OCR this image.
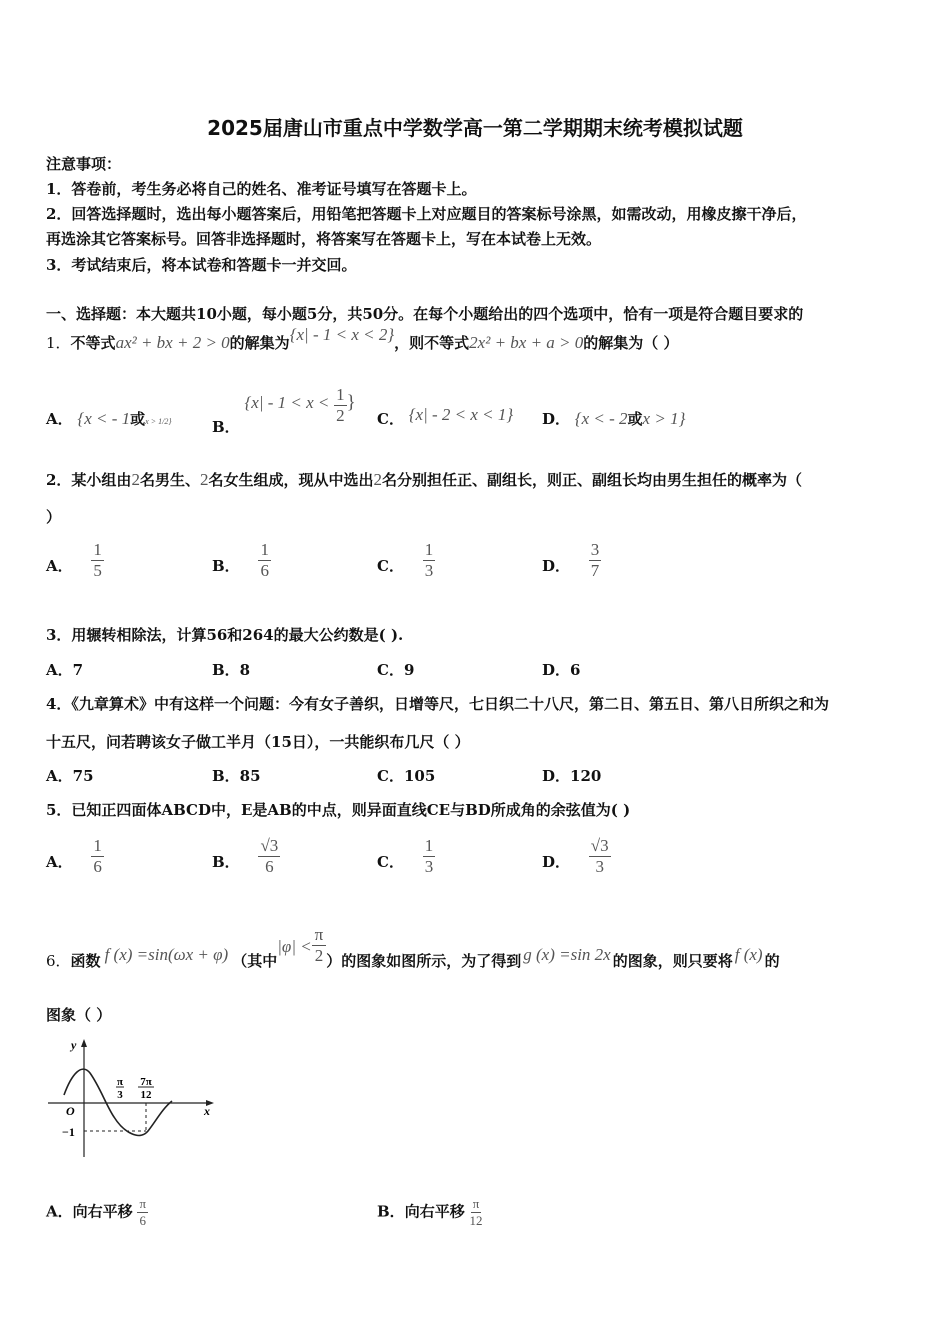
2025届唐山市重点中学数学高一第二学期期末统考模拟试题
注意事项：
1．答卷前，考生务必将自己的姓名、准考证号填写在答题卡上。
2．回答选择题时，选出每小题答案后，用铅笔把答题卡上对应题目的答案标号涂黑，如需改动，用橡皮擦干净后，
再选涂其它答案标号。回答非选择题时，将答案写在答题卡上，写在本试卷上无效。
3．考试结束后，将本试卷和答题卡一并交回。
一、选择题：本大题共10小题，每小题5分，共50分。在每个小题给出的四个选项中，恰有一项是符合题目要求的
1．不等式ax² + bx + 2 > 0的解集为{x| - 1 < x < 2}，则不等式2x² + bx + a > 0的解集为（ ）
A． {x < - 1或x > 1/2}	B． {$x| - 1 < x < \frac{1}{2}$ }
C． {x| - 2 < x < 1} D． {x < - 2或x > 1}
2．某小组由2名男生、2名女生组成，现从中选出2名分别担任正、副组长，则正、副组长均由男生担任的概率为（
）
A． $\frac{1}{5}$	B． $\frac{1}{6}$	C． $\frac{1}{3}$	D． $\frac{3}{7}$
3．用辗转相除法，计算56和264的最大公约数是( ).
A．7	B．8	C．9	D．6
4．《九章算术》中有这样一个问题：今有女子善织，日增等尺，七日织二十八尺，第二日、第五日、第八日所织之和为
十五尺，问若聘该女子做工半月（15日），一共能织布几尺（ ）
A．75	B．85	C．105	D．120
5．已知正四面体ABCD中，E是AB的中点，则异面直线CE与BD所成角的余弦值为( )
A． $\frac{1}{6}$	B． $\frac{√3}{6}$	C． $\frac{1}{3}$	D． $\frac{√3}{3}$
6．函数 f (x) =sin(ωx + φ) （其中$|\varphi| < \frac{\pi}{2}$ ）的图象如图所示，为了得到 g (x) =sin 2x 的图象，则只要将 f (x) 的
图象（ ）
y
x
O
−1
π
3
7π
12
A．向右平移 $\frac{\pi}{6}$	B．向右平移 $\frac{\pi}{12}$
